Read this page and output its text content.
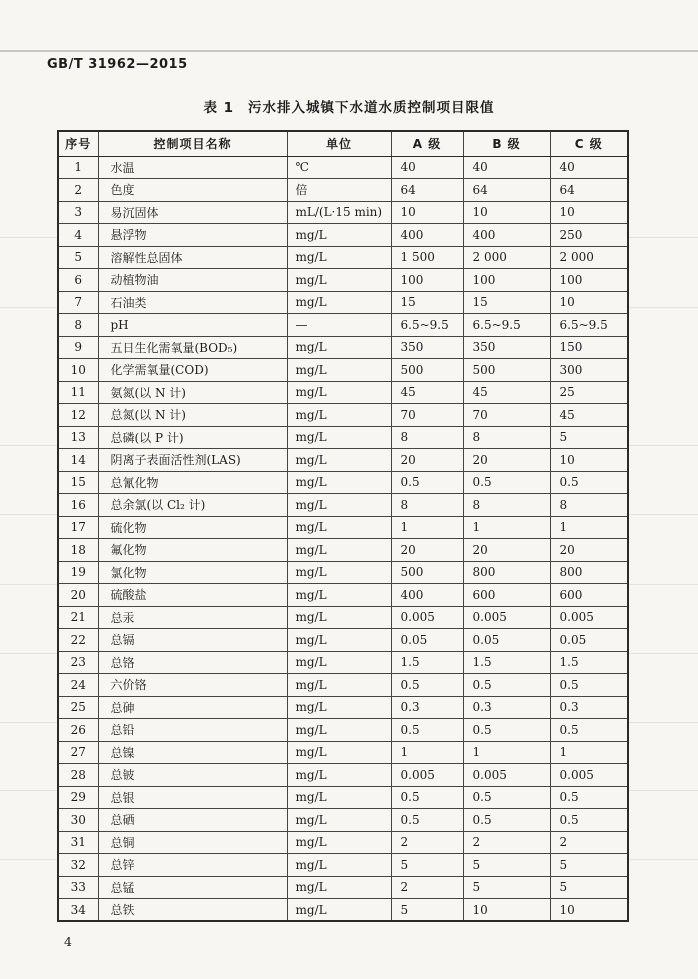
GB/T 31962—2015
表 1 污水排入城镇下水道水质控制项目限值
序号	控制项目名称	单位	A 级	B 级	C 级
1	水温	℃	40	40	40
2	色度	倍	64	64	64
3	易沉固体	mL/(L·15 min)	10	10	10
4	悬浮物	mg/L	400	400	250
5	溶解性总固体	mg/L	1 500	2 000	2 000
6	动植物油	mg/L	100	100	100
7	石油类	mg/L	15	15	10
8	pH	—	6.5~9.5	6.5~9.5	6.5~9.5
9	五日生化需氧量(BOD₅)	mg/L	350	350	150
10	化学需氧量(COD)	mg/L	500	500	300
11	氨氮(以 N 计)	mg/L	45	45	25
12	总氮(以 N 计)	mg/L	70	70	45
13	总磷(以 P 计)	mg/L	8	8	5
14	阴离子表面活性剂(LAS)	mg/L	20	20	10
15	总氰化物	mg/L	0.5	0.5	0.5
16	总余氯(以 Cl₂ 计)	mg/L	8	8	8
17	硫化物	mg/L	1	1	1
18	氟化物	mg/L	20	20	20
19	氯化物	mg/L	500	800	800
20	硫酸盐	mg/L	400	600	600
21	总汞	mg/L	0.005	0.005	0.005
22	总镉	mg/L	0.05	0.05	0.05
23	总铬	mg/L	1.5	1.5	1.5
24	六价铬	mg/L	0.5	0.5	0.5
25	总砷	mg/L	0.3	0.3	0.3
26	总铅	mg/L	0.5	0.5	0.5
27	总镍	mg/L	1	1	1
28	总铍	mg/L	0.005	0.005	0.005
29	总银	mg/L	0.5	0.5	0.5
30	总硒	mg/L	0.5	0.5	0.5
31	总铜	mg/L	2	2	2
32	总锌	mg/L	5	5	5
33	总锰	mg/L	2	5	5
34	总铁	mg/L	5	10	10
4
